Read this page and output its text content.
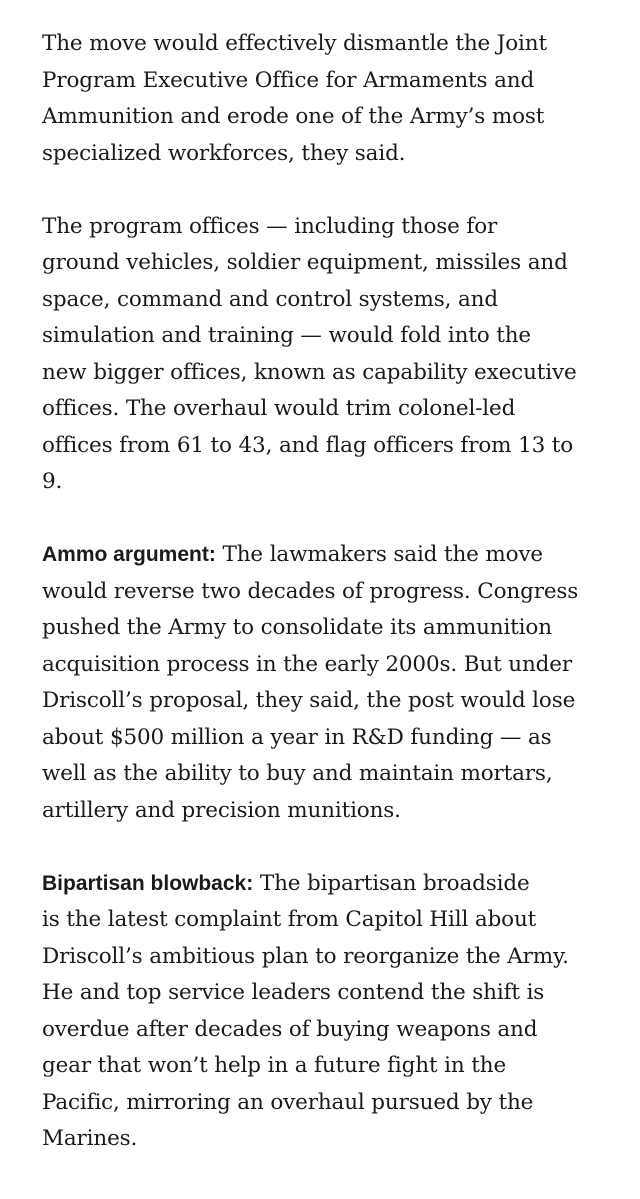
The move would effectively dismantle the Joint
Program Executive Office for Armaments and
Ammunition and erode one of the Army’s most
specialized workforces, they said.

The program offices — including those for
ground vehicles, soldier equipment, missiles and
space, command and control systems, and
simulation and training — would fold into the
new bigger offices, known as capability executive
offices. The overhaul would trim colonel-led
offices from 61 to 43, and flag officers from 13 to
9.

Ammo argument: The lawmakers said the move
would reverse two decades of progress. Congress
pushed the Army to consolidate its ammunition
acquisition process in the early 2000s. But under
Driscoll’s proposal, they said, the post would lose
about $500 million a year in R&D funding — as
well as the ability to buy and maintain mortars,
artillery and precision munitions.

Bipartisan blowback: The bipartisan broadside
is the latest complaint from Capitol Hill about
Driscoll’s ambitious plan to reorganize the Army.
He and top service leaders contend the shift is
overdue after decades of buying weapons and
gear that won’t help in a future fight in the
Pacific, mirroring an overhaul pursued by the
Marines.
